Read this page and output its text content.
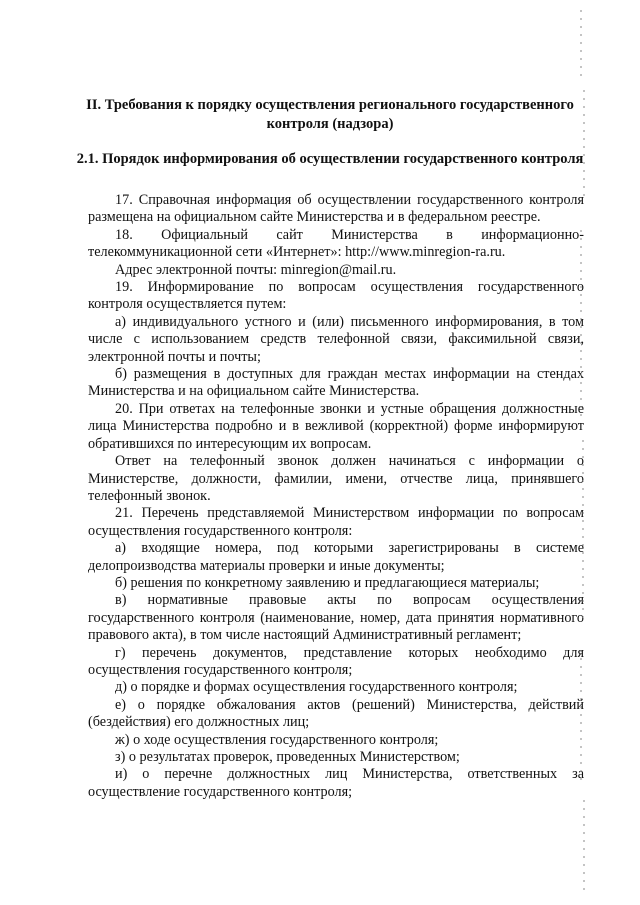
II. Требования к порядку осуществления регионального государственного контроля (надзора)
2.1. Порядок информирования об осуществлении государственного контроля

17. Справочная информация об осуществлении государственного контроля размещена на официальном сайте Министерства и в федеральном реестре.

18. Официальный сайт Министерства в информационно-телекоммуникационной сети «Интернет»: http://www.minregion-ra.ru.

Адрес электронной почты: minregion@mail.ru.

19. Информирование по вопросам осуществления государственного контроля осуществляется путем:

а) индивидуального устного и (или) письменного информирования, в том числе с использованием средств телефонной связи, факсимильной связи, электронной почты и почты;

б) размещения в доступных для граждан местах информации на стендах Министерства и на официальном сайте Министерства.

20. При ответах на телефонные звонки и устные обращения должностные лица Министерства подробно и в вежливой (корректной) форме информируют обратившихся по интересующим их вопросам.

Ответ на телефонный звонок должен начинаться с информации о Министерстве, должности, фамилии, имени, отчестве лица, принявшего телефонный звонок.

21. Перечень представляемой Министерством информации по вопросам осуществления государственного контроля:

а) входящие номера, под которыми зарегистрированы в системе делопроизводства материалы проверки и иные документы;

б) решения по конкретному заявлению и предлагающиеся материалы;

в) нормативные правовые акты по вопросам осуществления государственного контроля (наименование, номер, дата принятия нормативного правового акта), в том числе настоящий Административный регламент;

г) перечень документов, представление которых необходимо для осуществления государственного контроля;

д) о порядке и формах осуществления государственного контроля;

е) о порядке обжалования актов (решений) Министерства, действий (бездействия) его должностных лиц;

ж) о ходе осуществления государственного контроля;

з) о результатах проверок, проведенных Министерством;

и) о перечне должностных лиц Министерства, ответственных за осуществление государственного контроля;
